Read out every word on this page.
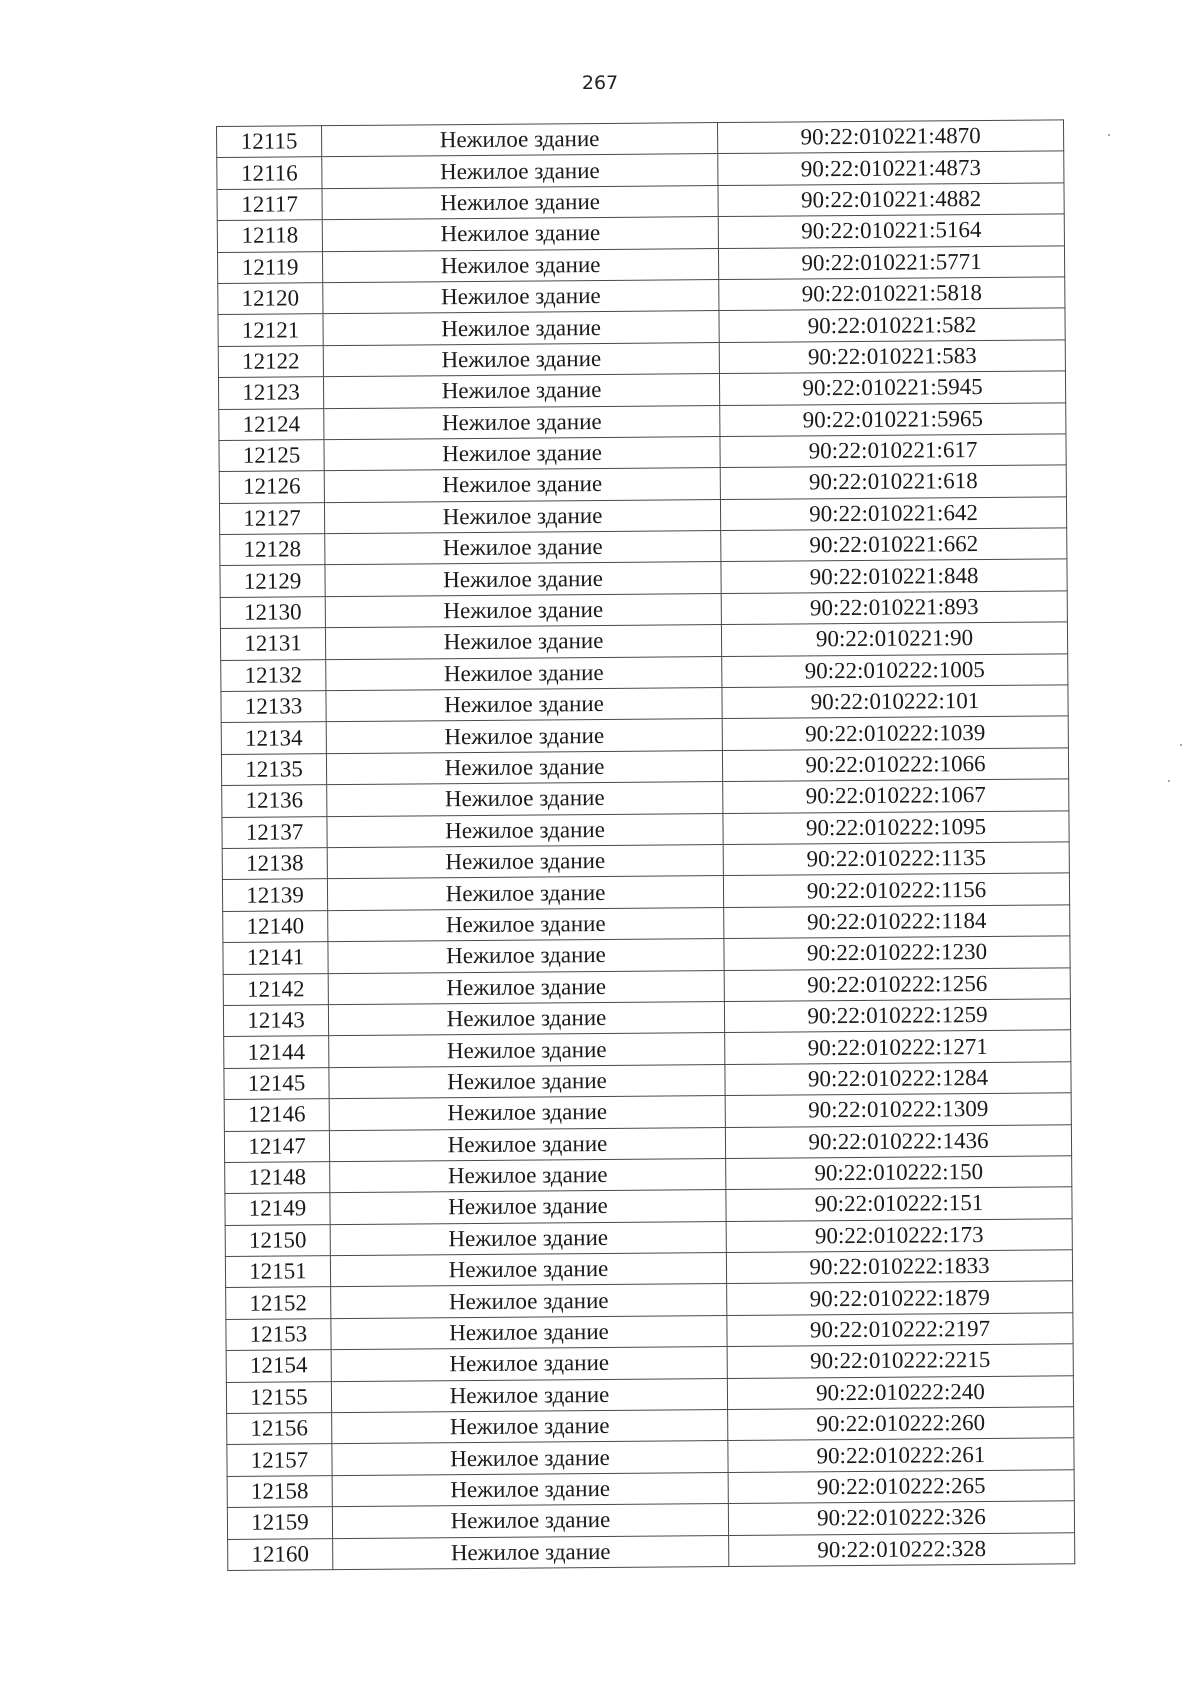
267
12115	Нежилое здание	90:22:010221:4870
12116	Нежилое здание	90:22:010221:4873
12117	Нежилое здание	90:22:010221:4882
12118	Нежилое здание	90:22:010221:5164
12119	Нежилое здание	90:22:010221:5771
12120	Нежилое здание	90:22:010221:5818
12121	Нежилое здание	90:22:010221:582
12122	Нежилое здание	90:22:010221:583
12123	Нежилое здание	90:22:010221:5945
12124	Нежилое здание	90:22:010221:5965
12125	Нежилое здание	90:22:010221:617
12126	Нежилое здание	90:22:010221:618
12127	Нежилое здание	90:22:010221:642
12128	Нежилое здание	90:22:010221:662
12129	Нежилое здание	90:22:010221:848
12130	Нежилое здание	90:22:010221:893
12131	Нежилое здание	90:22:010221:90
12132	Нежилое здание	90:22:010222:1005
12133	Нежилое здание	90:22:010222:101
12134	Нежилое здание	90:22:010222:1039
12135	Нежилое здание	90:22:010222:1066
12136	Нежилое здание	90:22:010222:1067
12137	Нежилое здание	90:22:010222:1095
12138	Нежилое здание	90:22:010222:1135
12139	Нежилое здание	90:22:010222:1156
12140	Нежилое здание	90:22:010222:1184
12141	Нежилое здание	90:22:010222:1230
12142	Нежилое здание	90:22:010222:1256
12143	Нежилое здание	90:22:010222:1259
12144	Нежилое здание	90:22:010222:1271
12145	Нежилое здание	90:22:010222:1284
12146	Нежилое здание	90:22:010222:1309
12147	Нежилое здание	90:22:010222:1436
12148	Нежилое здание	90:22:010222:150
12149	Нежилое здание	90:22:010222:151
12150	Нежилое здание	90:22:010222:173
12151	Нежилое здание	90:22:010222:1833
12152	Нежилое здание	90:22:010222:1879
12153	Нежилое здание	90:22:010222:2197
12154	Нежилое здание	90:22:010222:2215
12155	Нежилое здание	90:22:010222:240
12156	Нежилое здание	90:22:010222:260
12157	Нежилое здание	90:22:010222:261
12158	Нежилое здание	90:22:010222:265
12159	Нежилое здание	90:22:010222:326
12160	Нежилое здание	90:22:010222:328
